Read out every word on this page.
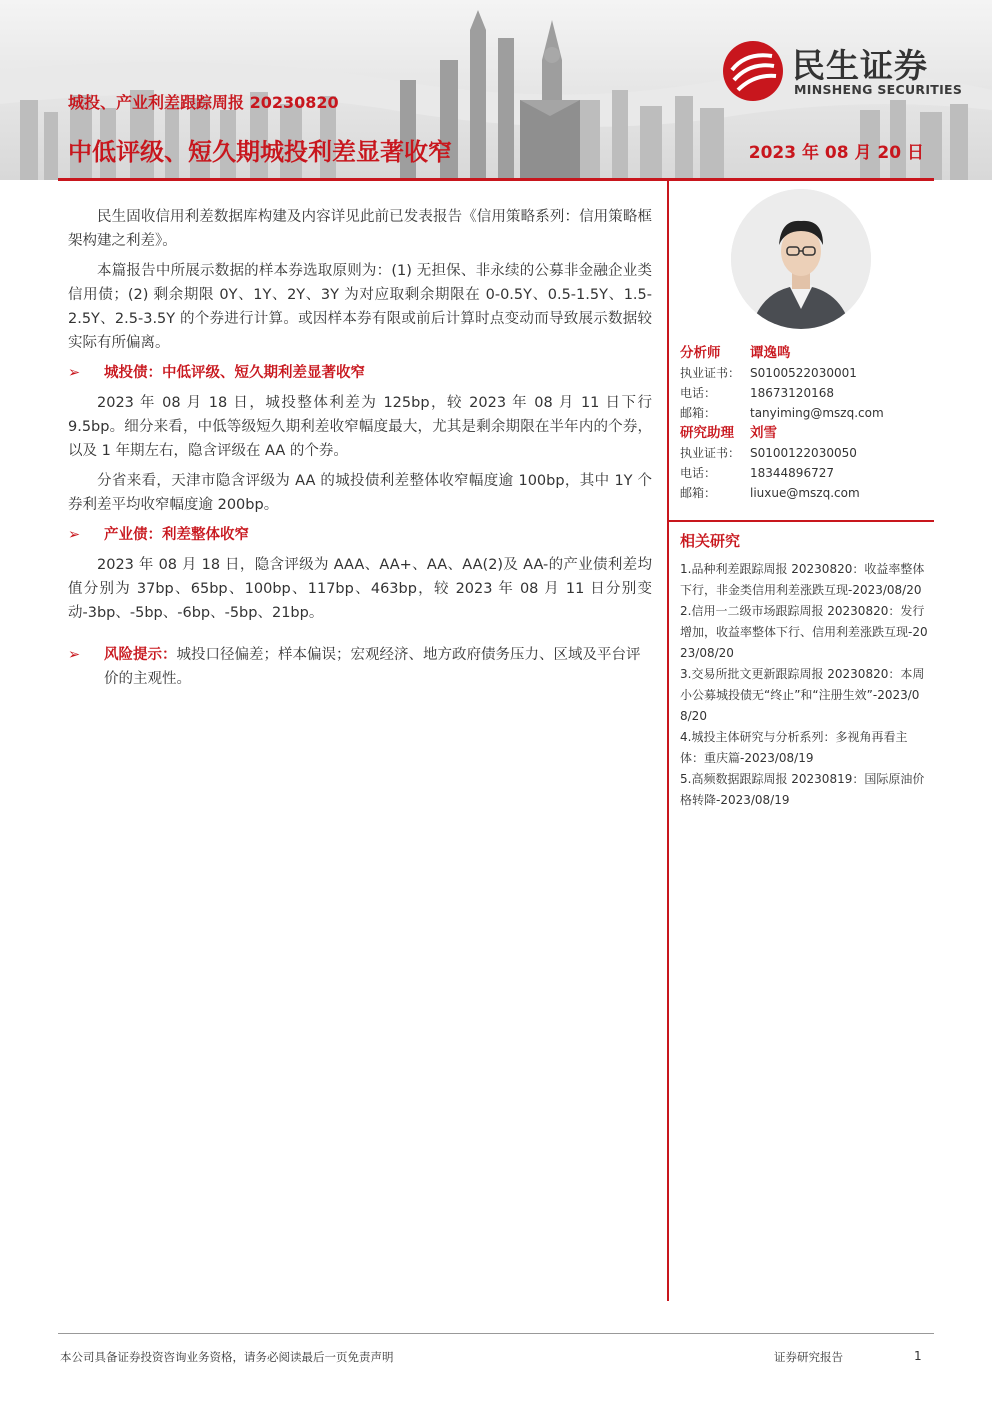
民生证券
MINSHENG SECURITIES
城投、产业利差跟踪周报 20230820
中低评级、短久期城投利差显著收窄	2023 年 08 月 20 日

民生固收信用利差数据库构建及内容详见此前已发表报告《信用策略系列：信用策略框架构建之利差》。

本篇报告中所展示数据的样本券选取原则为：(1) 无担保、非永续的公募非金融企业类信用债；(2) 剩余期限 0Y、1Y、2Y、3Y 为对应取剩余期限在 0-0.5Y、0.5-1.5Y、1.5-2.5Y、2.5-3.5Y 的个券进行计算。或因样本券有限或前后计算时点变动而导致展示数据较实际有所偏离。

➢ 城投债：中低评级、短久期利差显著收窄

2023 年 08 月 18 日，城投整体利差为 125bp，较 2023 年 08 月 11 日下行 9.5bp。细分来看，中低等级短久期利差收窄幅度最大，尤其是剩余期限在半年内的个券，以及 1 年期左右，隐含评级在 AA 的个券。

分省来看，天津市隐含评级为 AA 的城投债利差整体收窄幅度逾 100bp，其中 1Y 个券利差平均收窄幅度逾 200bp。

➢ 产业债：利差整体收窄

2023 年 08 月 18 日，隐含评级为 AAA、AA+、AA、AA(2)及 AA-的产业债利差均值分别为 37bp、65bp、100bp、117bp、463bp，较 2023 年 08 月 11 日分别变动-3bp、-5bp、-6bp、-5bp、21bp。

➢ 风险提示：城投口径偏差；样本偏误；宏观经济、地方政府债务压力、区域及平台评价的主观性。
分析师 谭逸鸣
执业证书： S0100522030001
电话：	18673120168
邮箱：	tanyiming@mszq.com
研究助理 刘雪
执业证书： S0100122030050
电话：	18344896727
邮箱：	liuxue@mszq.com
相关研究

1.品种利差跟踪周报 20230820：收益率整体下行，非金类信用利差涨跌互现-2023/08/20

2.信用一二级市场跟踪周报 20230820：发行增加，收益率整体下行、信用利差涨跌互现-2023/08/20

3.交易所批文更新跟踪周报 20230820：本周小公募城投债无“终止”和“注册生效”-2023/08/20

4.城投主体研究与分析系列：多视角再看主体：重庆篇-2023/08/19

5.高频数据跟踪周报 20230819：国际原油价格转降-2023/08/19

本公司具备证券投资咨询业务资格，请务必阅读最后一页免责声明	证券研究报告	1
